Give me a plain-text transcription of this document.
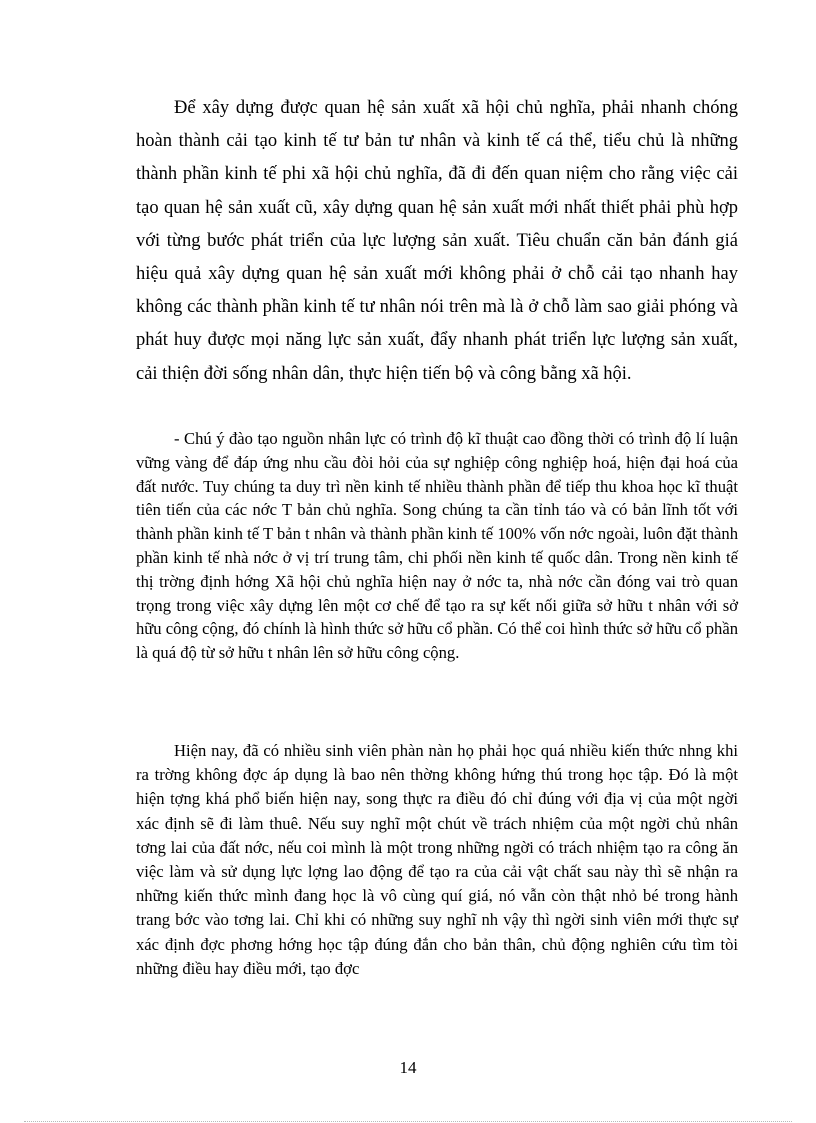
Để xây dựng được quan hệ sản xuất xã hội chủ nghĩa, phải nhanh chóng hoàn thành cải tạo kinh tế tư bản tư nhân và kinh tế cá thể, tiểu chủ là những thành phần kinh tế phi xã hội chủ nghĩa, đã đi đến quan niệm cho rằng việc cải tạo quan hệ sản xuất cũ, xây dựng quan hệ sản xuất mới nhất thiết phải phù hợp với từng bước phát triển của lực lượng sản xuất. Tiêu chuẩn căn bản đánh giá hiệu quả xây dựng quan hệ sản xuất mới không phải ở chỗ cải tạo nhanh hay không các thành phần kinh tế tư nhân nói trên mà là ở chỗ làm sao giải phóng và phát huy được mọi năng lực sản xuất, đẩy nhanh phát triển lực lượng sản xuất, cải thiện đời sống nhân dân, thực hiện tiến bộ và công bằng xã hội.

- Chú ý đào tạo nguồn nhân lực có trình độ kĩ thuật cao đồng thời có trình độ lí luận vững vàng để đáp ứng nhu cầu đòi hỏi của sự nghiệp công nghiệp hoá, hiện đại hoá của đất nước. Tuy chúng ta duy trì nền kinh tế nhiều thành phần để tiếp thu khoa học kĩ thuật tiên tiến của các nớc T bản chủ nghĩa. Song chúng ta cần tỉnh táo và có bản lĩnh tốt với thành phần kinh tế T bản t nhân và thành phần kinh tế 100% vốn nớc ngoài, luôn đặt thành phần kinh tế nhà nớc ở vị trí trung tâm, chi phối nền kinh tế quốc dân. Trong nền kinh tế thị trờng định hớng Xã hội chủ nghĩa hiện nay ở nớc ta, nhà nớc cần đóng vai trò quan trọng trong việc xây dựng lên một cơ chế để tạo ra sự kết nối giữa sở hữu t nhân với sở hữu công cộng, đó chính là hình thức sở hữu cổ phần. Có thể coi hình thức sở hữu cổ phần là quá độ từ sở hữu t nhân lên sở hữu công cộng.

Hiện nay, đã có nhiều sinh viên phàn nàn họ phải học quá nhiều kiến thức nhng khi ra trờng không đợc áp dụng là bao nên thờng không hứng thú trong học tập. Đó là một hiện tợng khá phổ biến hiện nay, song thực ra điều đó chỉ đúng với địa vị của một ngời xác định sẽ đi làm thuê. Nếu suy nghĩ một chút về trách nhiệm của một ngời chủ nhân tơng lai của đất nớc, nếu coi mình là một trong những ngời có trách nhiệm tạo ra công ăn việc làm và sử dụng lực lợng lao động để tạo ra của cải vật chất sau này thì sẽ nhận ra những kiến thức mình đang học là vô cùng quí giá, nó vẫn còn thật nhỏ bé trong hành trang bớc vào tơng lai. Chỉ khi có những suy nghĩ nh vậy thì ngời sinh viên mới thực sự xác định đợc phơng hớng học tập đúng đắn cho bản thân, chủ động nghiên cứu tìm tòi những điều hay điều mới, tạo đợc

14
